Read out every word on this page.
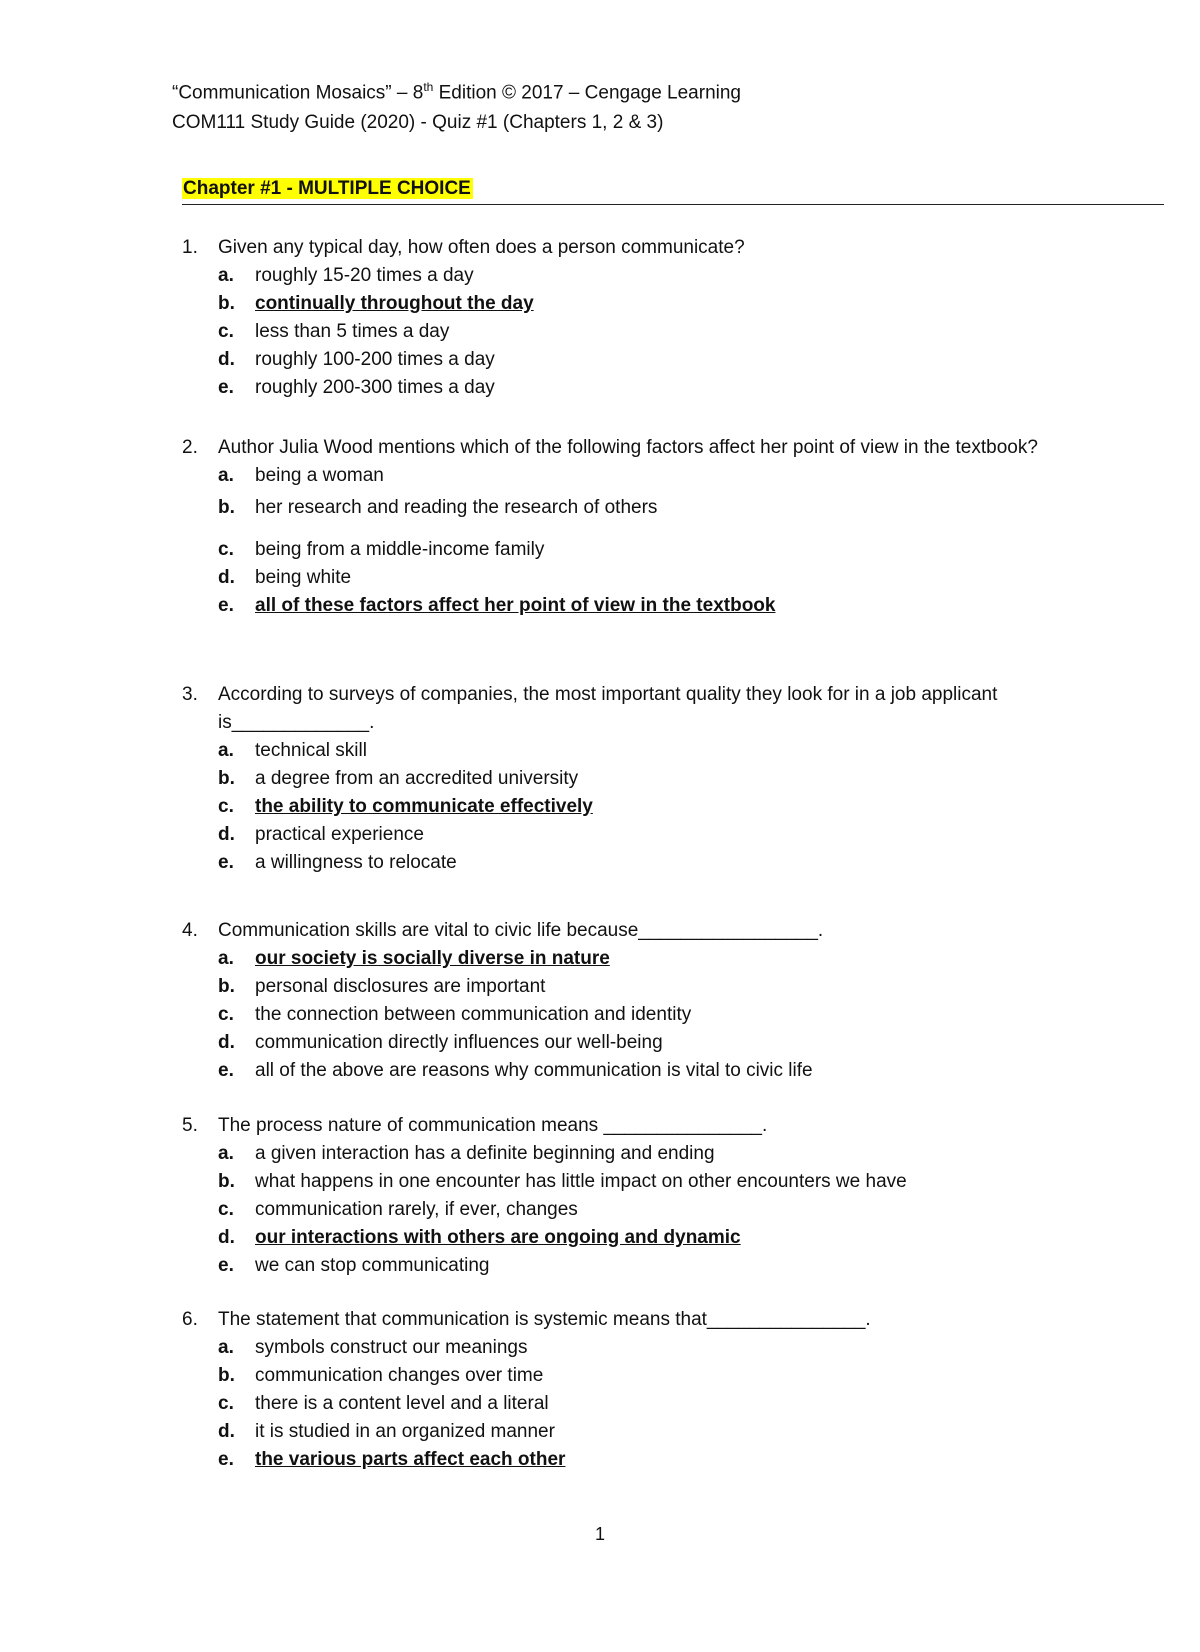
“Communication Mosaics” – 8th Edition © 2017 – Cengage Learning
COM111 Study Guide (2020) - Quiz #1 (Chapters 1, 2 & 3)
Chapter #1 - MULTIPLE CHOICE
1. Given any typical day, how often does a person communicate?
a. roughly 15-20 times a day
b. continually throughout the day
c. less than 5 times a day
d. roughly 100-200 times a day
e. roughly 200-300 times a day
2. Author Julia Wood mentions which of the following factors affect her point of view in the textbook?
a. being a woman
b. her research and reading the research of others
c. being from a middle-income family
d. being white
e. all of these factors affect her point of view in the textbook
3. According to surveys of companies, the most important quality they look for in a job applicant is_____________.
a. technical skill
b. a degree from an accredited university
c. the ability to communicate effectively
d. practical experience
e. a willingness to relocate
4. Communication skills are vital to civic life because_________________.
a. our society is socially diverse in nature
b. personal disclosures are important
c. the connection between communication and identity
d. communication directly influences our well-being
e. all of the above are reasons why communication is vital to civic life
5. The process nature of communication means _______________.
a. a given interaction has a definite beginning and ending
b. what happens in one encounter has little impact on other encounters we have
c. communication rarely, if ever, changes
d. our interactions with others are ongoing and dynamic
e. we can stop communicating
6. The statement that communication is systemic means that_______________.
a. symbols construct our meanings
b. communication changes over time
c. there is a content level and a literal
d. it is studied in an organized manner
e. the various parts affect each other
1
